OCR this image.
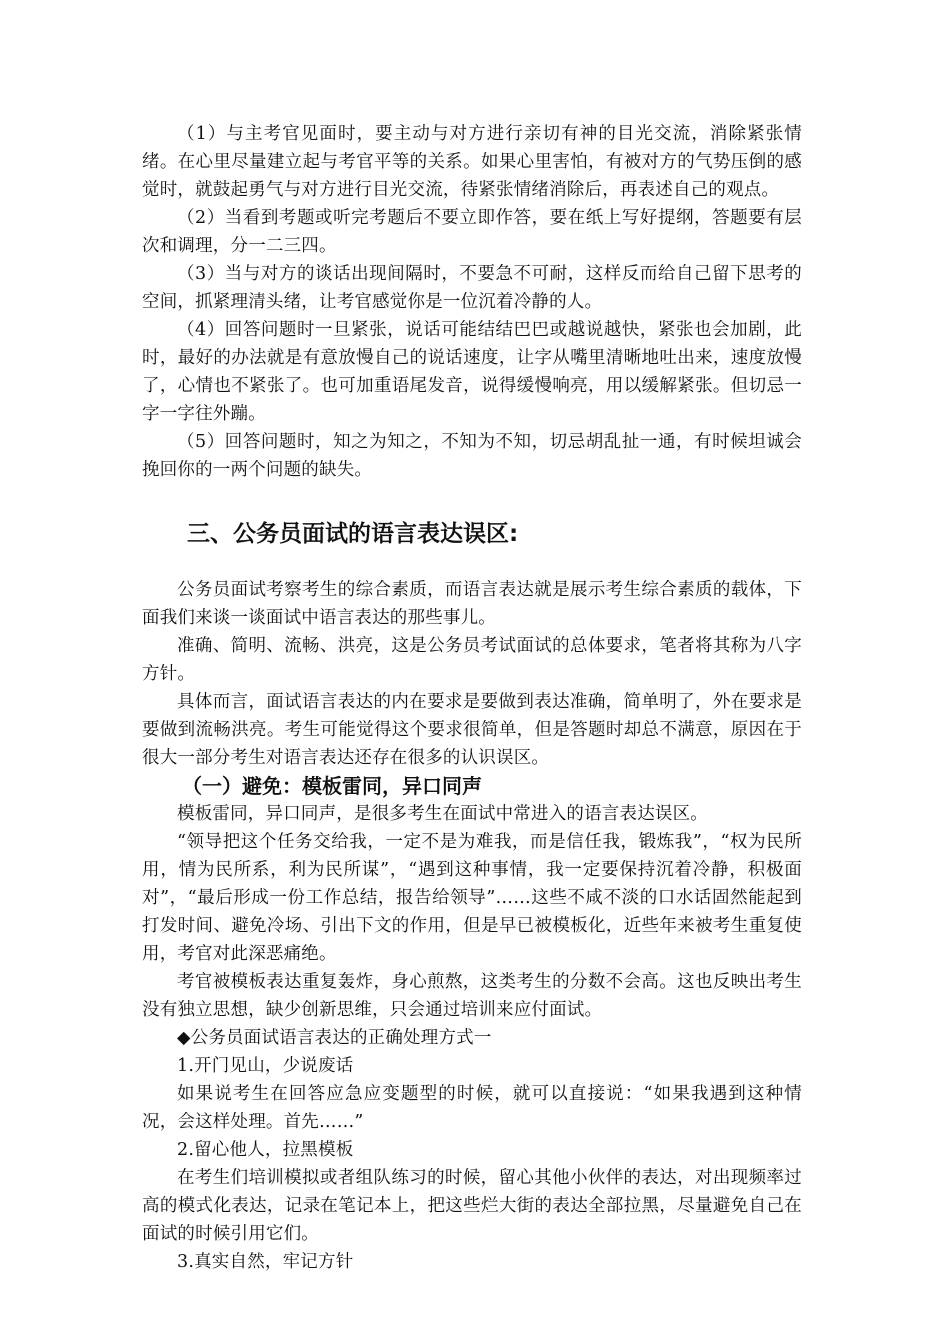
（1）与主考官见面时，要主动与对方进行亲切有神的目光交流，消除紧张情绪。在心里尽量建立起与考官平等的关系。如果心里害怕，有被对方的气势压倒的感觉时，就鼓起勇气与对方进行目光交流，待紧张情绪消除后，再表述自己的观点。

（2）当看到考题或听完考题后不要立即作答，要在纸上写好提纲，答题要有层次和调理，分一二三四。

（3）当与对方的谈话出现间隔时，不要急不可耐，这样反而给自己留下思考的空间，抓紧理清头绪，让考官感觉你是一位沉着冷静的人。

（4）回答问题时一旦紧张，说话可能结结巴巴或越说越快，紧张也会加剧，此时，最好的办法就是有意放慢自己的说话速度，让字从嘴里清晰地吐出来，速度放慢了，心情也不紧张了。也可加重语尾发音，说得缓慢响亮，用以缓解紧张。但切忌一字一字往外蹦。

（5）回答问题时，知之为知之，不知为不知，切忌胡乱扯一通，有时候坦诚会挽回你的一两个问题的缺失。

三、公务员面试的语言表达误区:

公务员面试考察考生的综合素质，而语言表达就是展示考生综合素质的载体，下面我们来谈一谈面试中语言表达的那些事儿。

准确、简明、流畅、洪亮，这是公务员考试面试的总体要求，笔者将其称为八字方针。

具体而言，面试语言表达的内在要求是要做到表达准确，简单明了，外在要求是要做到流畅洪亮。考生可能觉得这个要求很简单，但是答题时却总不满意，原因在于很大一部分考生对语言表达还存在很多的认识误区。

（一）避免：模板雷同，异口同声

模板雷同，异口同声，是很多考生在面试中常进入的语言表达误区。

“领导把这个任务交给我，一定不是为难我，而是信任我，锻炼我”，“权为民所用，情为民所系，利为民所谋”，“遇到这种事情，我一定要保持沉着冷静，积极面对”，“最后形成一份工作总结，报告给领导”……这些不咸不淡的口水话固然能起到打发时间、避免冷场、引出下文的作用，但是早已被模板化，近些年来被考生重复使用，考官对此深恶痛绝。

考官被模板表达重复轰炸，身心煎熬，这类考生的分数不会高。这也反映出考生没有独立思想，缺少创新思维，只会通过培训来应付面试。

◆公务员面试语言表达的正确处理方式一

1.开门见山，少说废话

如果说考生在回答应急应变题型的时候，就可以直接说：“如果我遇到这种情况，会这样处理。首先……”

2.留心他人，拉黑模板

在考生们培训模拟或者组队练习的时候，留心其他小伙伴的表达，对出现频率过高的模式化表达，记录在笔记本上，把这些烂大街的表达全部拉黑，尽量避免自己在面试的时候引用它们。

3.真实自然，牢记方针
